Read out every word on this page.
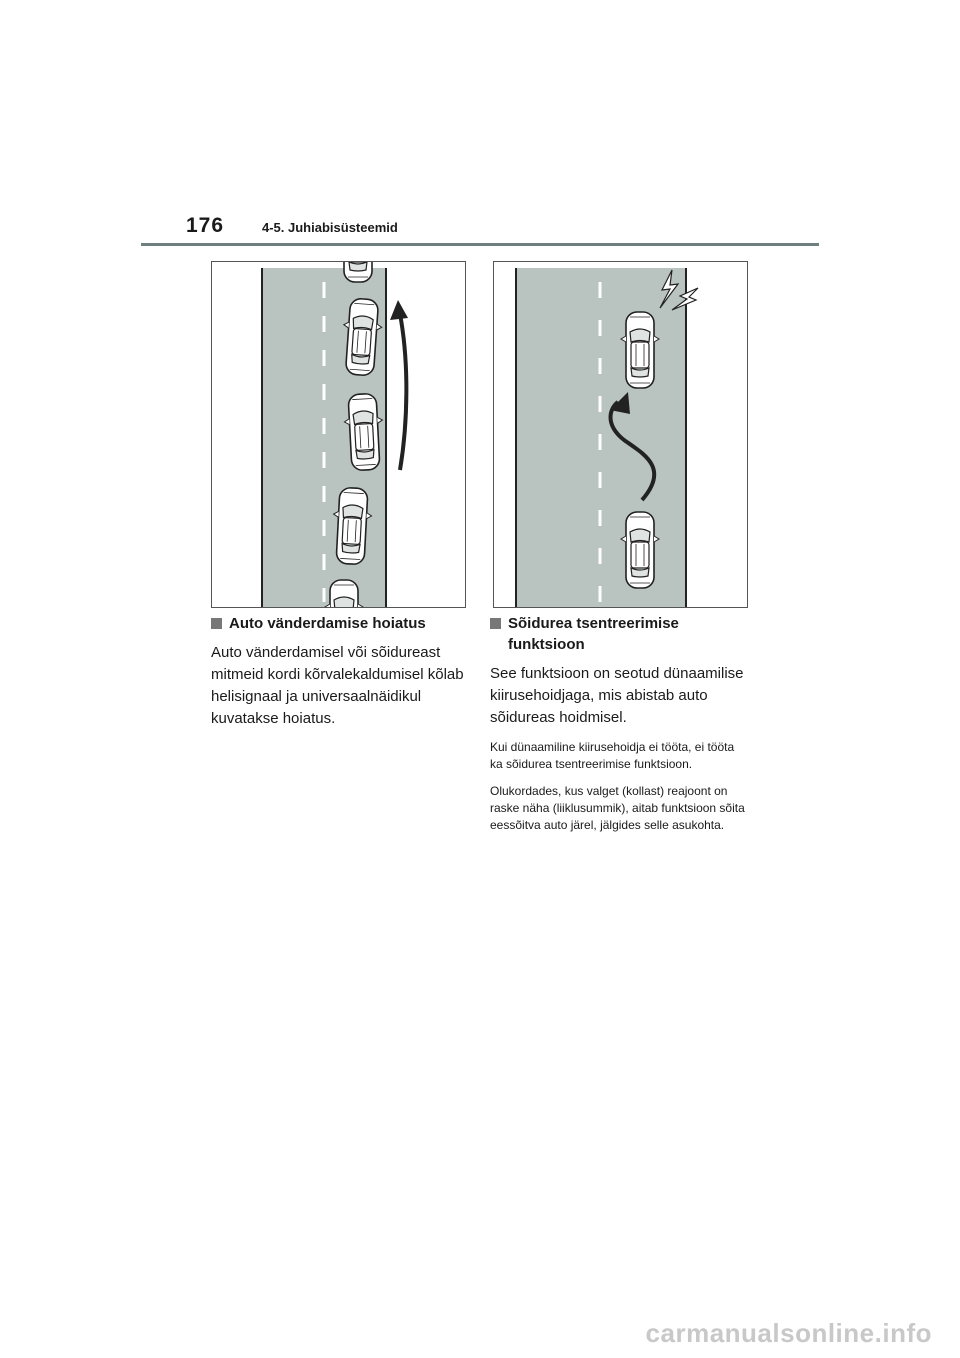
176	4-5. Juhiabisüsteemid
Auto vänderdamise hoiatus

Auto vänderdamisel või sõidureast mitmeid kordi kõrvalekaldumisel kõlab helisignaal ja universaalnäidikul kuvatakse hoiatus.

Sõidurea tsentreerimise funktsioon

See funktsioon on seotud dünaamilise kiirusehoidjaga, mis abistab auto sõidureas hoidmisel.

Kui dünaamiline kiirusehoidja ei tööta, ei tööta ka sõidurea tsentreerimise funktsioon.

Olukordades, kus valget (kollast) reajoont on raske näha (liiklusummik), aitab funktsioon sõita eessõitva auto järel, jälgides selle asukohta.

carmanualsonline.info
